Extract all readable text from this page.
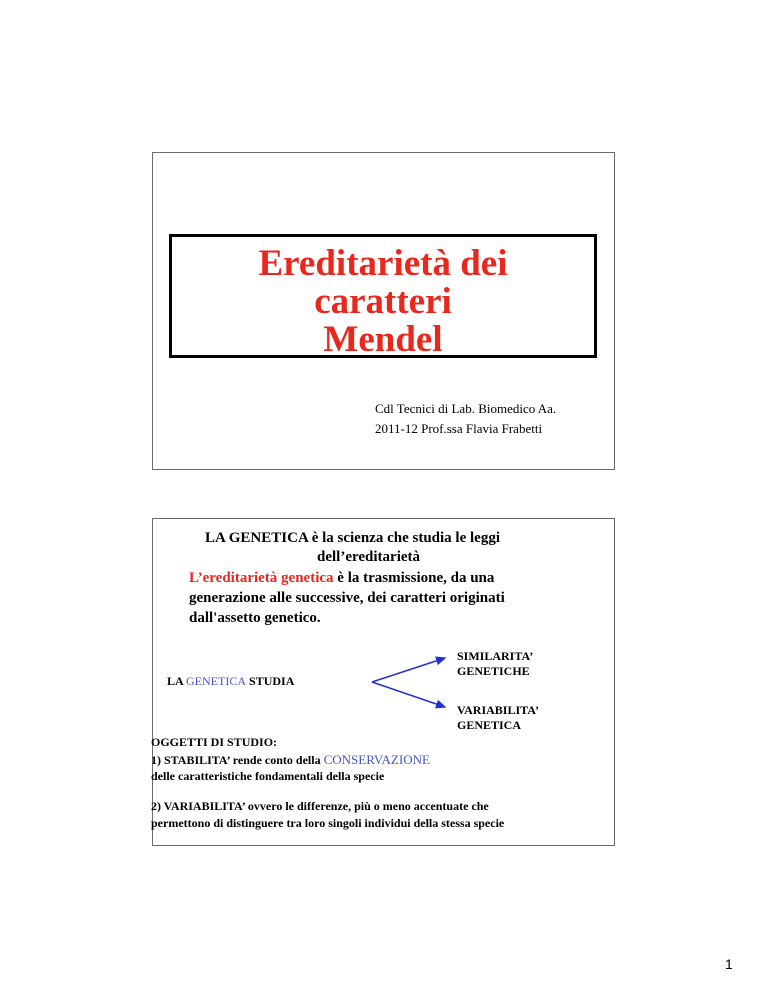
Ereditarietà dei
caratteri
Mendel
Cdl Tecnici di Lab. Biomedico Aa.
2011-12 Prof.ssa Flavia Frabetti
LA GENETICA è la scienza che studia le leggi
dell’ereditarietà
L’ereditarietà genetica è la trasmissione, da una
generazione alle successive, dei caratteri originati
dall'assetto genetico.
LA GENETICA STUDIA
SIMILARITA’
GENETICHE
VARIABILITA’
GENETICA
OGGETTI DI STUDIO:
1) STABILITA’ rende conto della CONSERVAZIONE
delle caratteristiche fondamentali della specie
2) VARIABILITA’ ovvero le differenze, più o meno accentuate che
permettono di distinguere tra loro singoli individui della stessa specie
1
